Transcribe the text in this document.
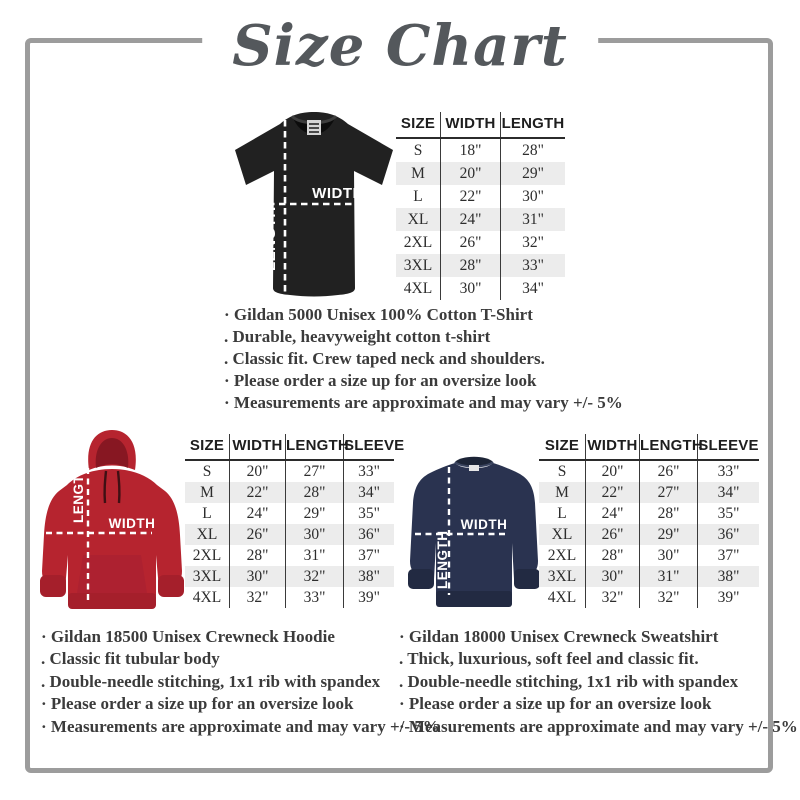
Size Chart
WIDTH
LENGTH
SIZE	WIDTH	LENGTH
S	18"	28"
M	20"	29"
L	22"	30"
XL	24"	31"
2XL	26"	32"
3XL	28"	33"
4XL	30"	34"
· Gildan 5000 Unisex 100% Cotton T-Shirt
. Durable, heavyweight cotton t-shirt
. Classic fit. Crew taped neck and shoulders.
· Please order a size up for an oversize look
· Measurements are approximate and may vary +/- 5%
WIDTH
LENGTH
SIZE	WIDTH	LENGTH	SLEEVE
S	20"	27"	33"
M	22"	28"	34"
L	24"	29"	35"
XL	26"	30"	36"
2XL	28"	31"	37"
3XL	30"	32"	38"
4XL	32"	33"	39"
WIDTH
LENGTH
SIZE	WIDTH	LENGTH	SLEEVE
S	20"	26"	33"
M	22"	27"	34"
L	24"	28"	35"
XL	26"	29"	36"
2XL	28"	30"	37"
3XL	30"	31"	38"
4XL	32"	32"	39"
· Gildan 18500 Unisex Crewneck Hoodie
. Classic fit tubular body
. Double-needle stitching, 1x1 rib with spandex
· Please order a size up for an oversize look
· Measurements are approximate and may vary +/- 5%
· Gildan 18000 Unisex Crewneck Sweatshirt
. Thick, luxurious, soft feel and classic fit.
. Double-needle stitching, 1x1 rib with spandex
· Please order a size up for an oversize look
· Measurements are approximate and may vary +/- 5%
